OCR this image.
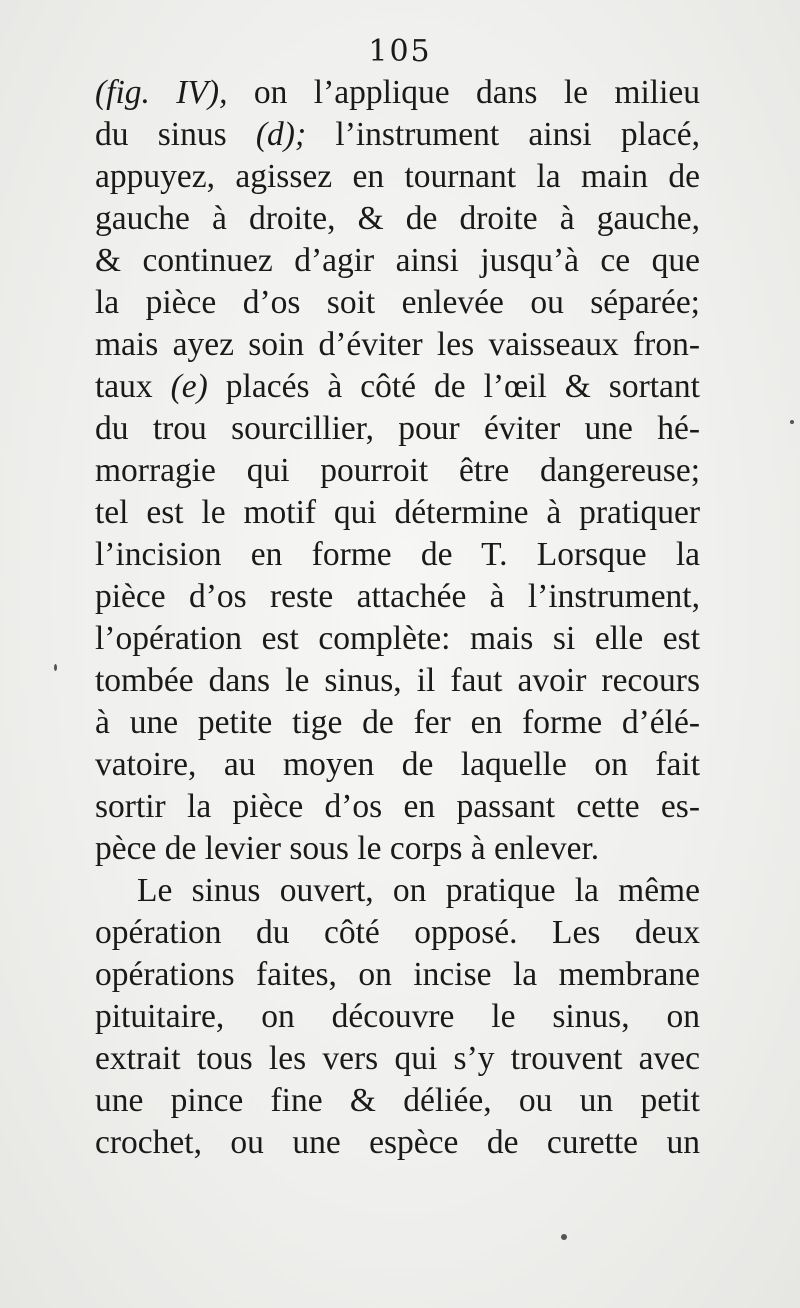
105
(fig. IV), on l’applique dans le milieu
du sinus (d); l’instrument ainsi placé,
appuyez, agissez en tournant la main de
gauche à droite, & de droite à gauche,
& continuez d’agir ainsi jusqu’à ce que
la pièce d’os soit enlevée ou séparée;
mais ayez soin d’éviter les vaisseaux fron-
taux (e) placés à côté de l’œil & sortant
du trou sourcillier, pour éviter une hé-
morragie qui pourroit être dangereuse;
tel est le motif qui détermine à pratiquer
l’incision en forme de T. Lorsque la
pièce d’os reste attachée à l’instrument,
l’opération est complète: mais si elle est
tombée dans le sinus, il faut avoir recours
à une petite tige de fer en forme d’élé-
vatoire, au moyen de laquelle on fait
sortir la pièce d’os en passant cette es-
pèce de levier sous le corps à enlever.
Le sinus ouvert, on pratique la même
opération du côté opposé. Les deux
opérations faites, on incise la membrane
pituitaire, on découvre le sinus, on
extrait tous les vers qui s’y trouvent avec
une pince fine & déliée, ou un petit
crochet, ou une espèce de curette un
